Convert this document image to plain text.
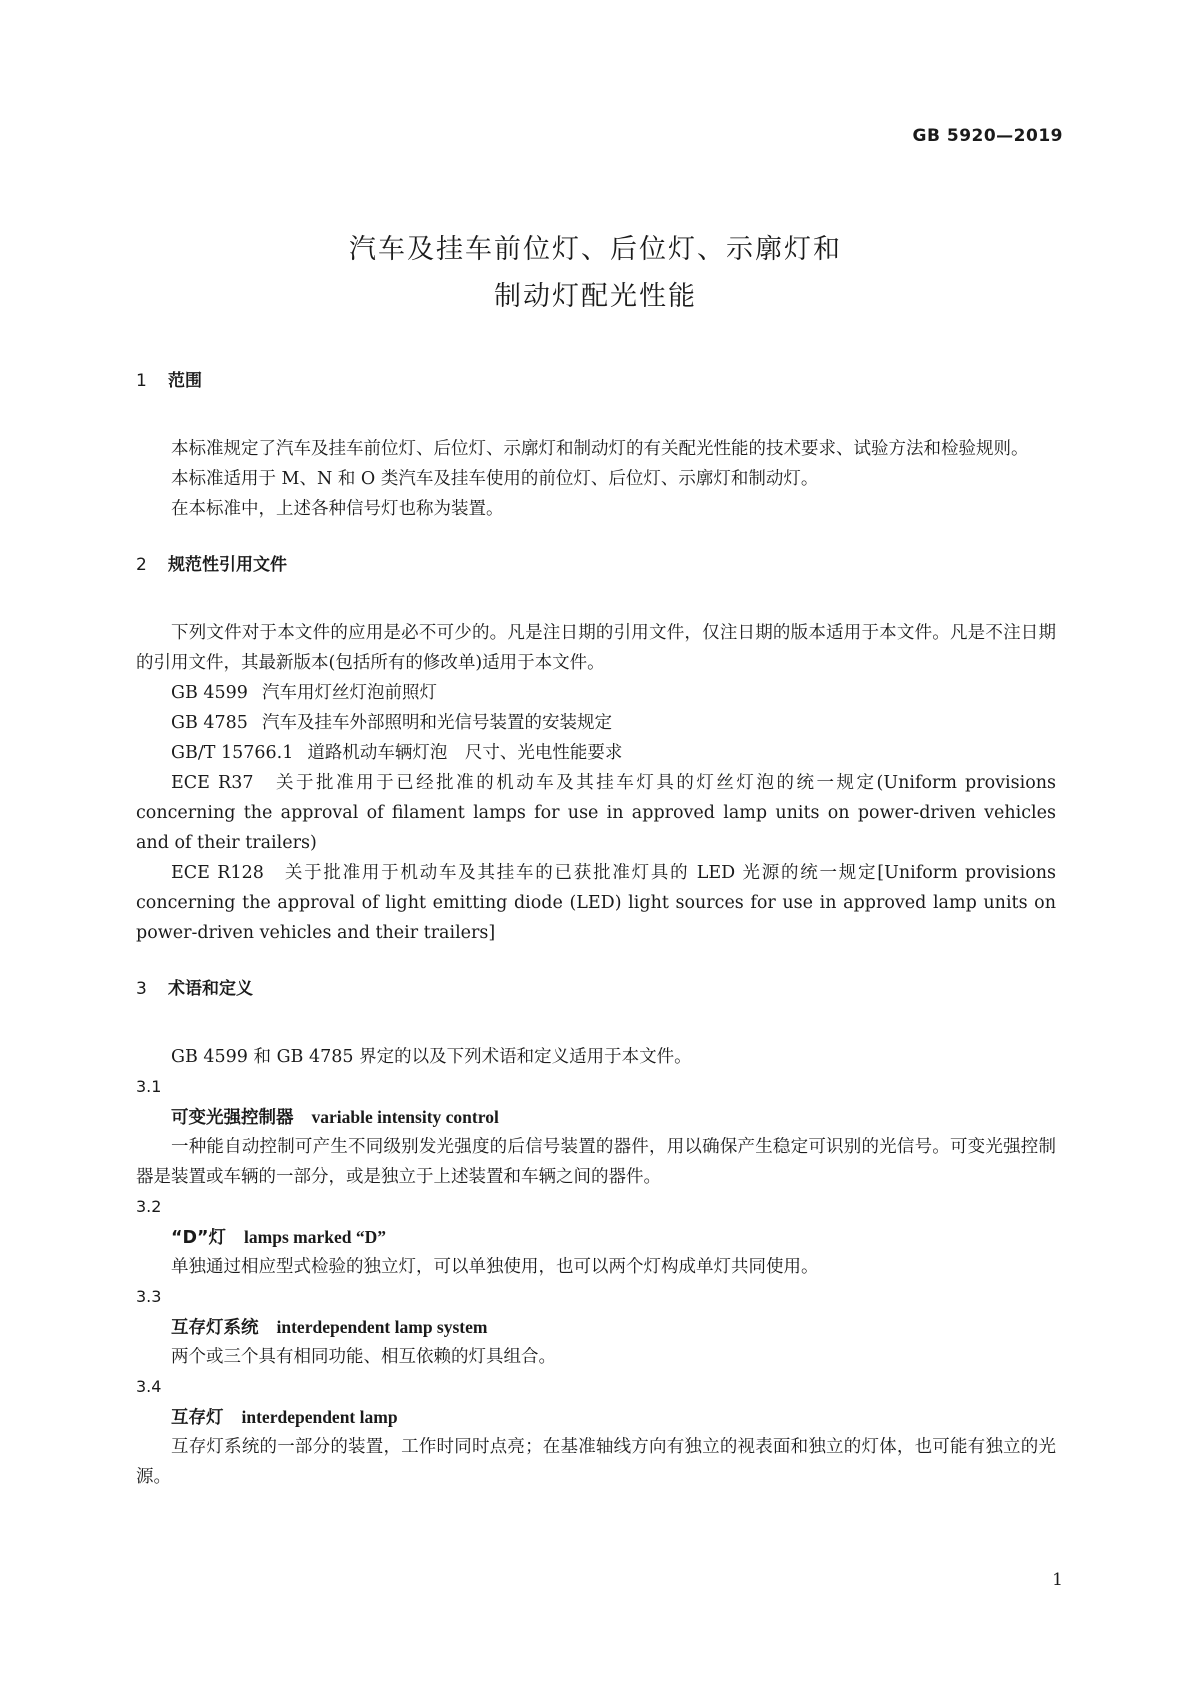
GB 5920—2019
汽车及挂车前位灯、后位灯、示廓灯和
制动灯配光性能
1 范围

本标准规定了汽车及挂车前位灯、后位灯、示廓灯和制动灯的有关配光性能的技术要求、试验方法和检验规则。

本标准适用于 M、N 和 O 类汽车及挂车使用的前位灯、后位灯、示廓灯和制动灯。

在本标准中，上述各种信号灯也称为装置。

2 规范性引用文件

下列文件对于本文件的应用是必不可少的。凡是注日期的引用文件，仅注日期的版本适用于本文件。凡是不注日期的引用文件，其最新版本(包括所有的修改单)适用于本文件。

GB 4599 汽车用灯丝灯泡前照灯

GB 4785 汽车及挂车外部照明和光信号装置的安装规定

GB/T 15766.1 道路机动车辆灯泡　尺寸、光电性能要求

ECE R37　 关于批准用于已经批准的机动车及其挂车灯具的灯丝灯泡的统一规定(Uniform provisions concerning the approval of filament lamps for use in approved lamp units on power-driven vehicles and of their trailers)

ECE R128　 关于批准用于机动车及其挂车的已获批准灯具的 LED 光源的统一规定[Uniform provisions concerning the approval of light emitting diode (LED) light sources for use in approved lamp units on power-driven vehicles and their trailers]

3 术语和定义

GB 4599 和 GB 4785 界定的以及下列术语和定义适用于本文件。

3.1
可变光强控制器 variable intensity control

一种能自动控制可产生不同级别发光强度的后信号装置的器件，用以确保产生稳定可识别的光信号。可变光强控制器是装置或车辆的一部分，或是独立于上述装置和车辆之间的器件。

3.2
“D”灯 lamps marked “D”

单独通过相应型式检验的独立灯，可以单独使用，也可以两个灯构成单灯共同使用。

3.3
互存灯系统 interdependent lamp system

两个或三个具有相同功能、相互依赖的灯具组合。

3.4
互存灯 interdependent lamp

互存灯系统的一部分的装置，工作时同时点亮；在基准轴线方向有独立的视表面和独立的灯体，也可能有独立的光源。

1
